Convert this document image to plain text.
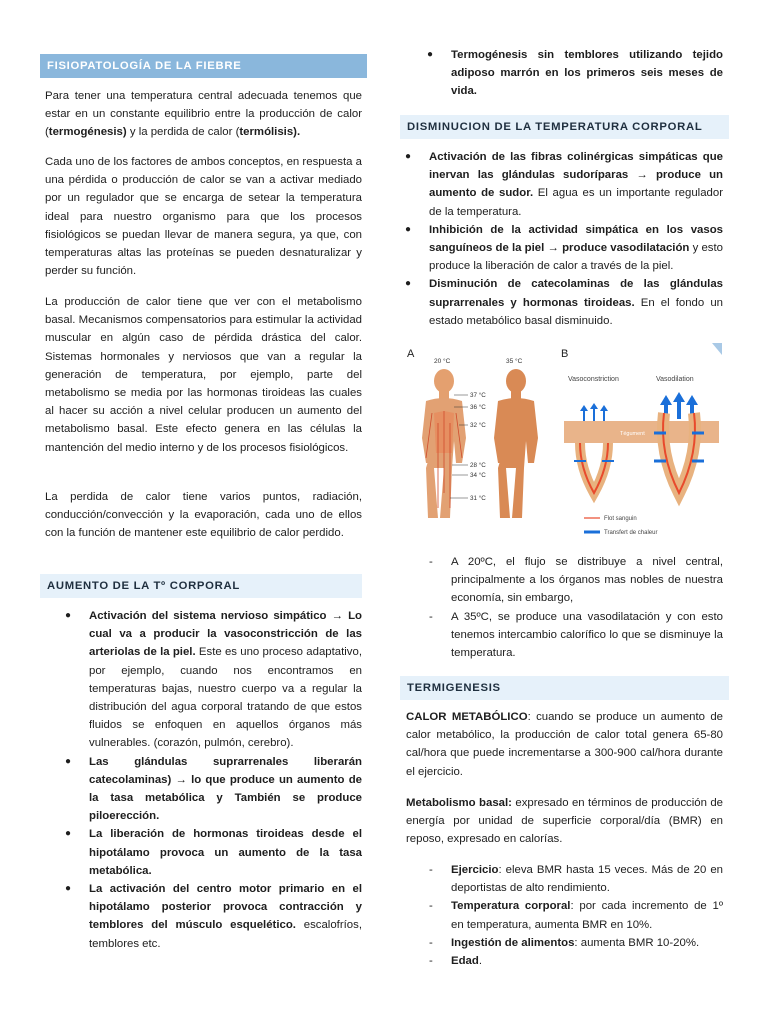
FISIOPATOLOGÍA DE LA FIEBRE

Para tener una temperatura central adecuada tenemos que estar en un constante equilibrio entre la producción de calor (termogénesis) y la perdida de calor (termólisis).

Cada uno de los factores de ambos conceptos, en respuesta a una pérdida o producción de calor se van a activar mediado por un regulador que se encarga de setear la temperatura ideal para nuestro organismo para que los procesos fisiológicos se puedan llevar de manera segura, ya que, con temperaturas altas las proteínas se pueden desnaturalizar y perder su función.

La producción de calor tiene que ver con el metabolismo basal. Mecanismos compensatorios para estimular la actividad muscular en algún caso de pérdida drástica del calor. Sistemas hormonales y nerviosos que van a regular la generación de temperatura, por ejemplo, parte del metabolismo se media por las hormonas tiroideas las cuales al hacer su acción a nivel celular producen un aumento del metabolismo basal. Este efecto genera en las células la mantención del medio interno y de los procesos fisiológicos.

La perdida de calor tiene varios puntos, radiación, conducción/convección y la evaporación, cada uno de ellos con la función de mantener este equilibrio de calor perdido.

AUMENTO DE LA Tº CORPORAL
● Activación del sistema nervioso simpático → Lo cual va a producir la vasoconstricción de las arteriolas de la piel. Este es uno proceso adaptativo, por ejemplo, cuando nos encontramos en temperaturas bajas, nuestro cuerpo va a regular la distribución del agua corporal tratando de que estos fluidos se enfoquen en aquellos órganos más vulnerables. (corazón, pulmón, cerebro).
● Las glándulas suprarrenales liberarán catecolaminas) → lo que produce un aumento de la tasa metabólica y También se produce piloerección.
● La liberación de hormonas tiroideas desde el hipotálamo provoca un aumento de la tasa metabólica.
● La activación del centro motor primario en el hipotálamo posterior provoca contracción y temblores del músculo esquelético. escalofríos, temblores etc.
● Termogénesis sin temblores utilizando tejido adiposo marrón en los primeros seis meses de vida.
DISMINUCION DE LA TEMPERATURA CORPORAL
● Activación de las fibras colinérgicas simpáticas que inervan las glándulas sudoríparas → produce un aumento de sudor. El agua es un importante regulador de la temperatura.
● Inhibición de la actividad simpática en los vasos sanguíneos de la piel → produce vasodilatación y esto produce la liberación de calor a través de la piel.
● Disminución de catecolaminas de las glándulas suprarrenales y hormonas tiroideas. En el fondo un estado metabólico basal disminuido.
A	B
20 °C
37 °C
36 °C
32 °C
28 °C
34 °C
31 °C
35 °C
Vasoconstriction	Vasodilation
Tégument
Flot sanguin
Transfert de chaleur
- A 20ºC, el flujo se distribuye a nivel central, principalmente a los órganos mas nobles de nuestra economía, sin embargo,
- A 35ºC, se produce una vasodilatación y con esto tenemos intercambio calorífico lo que se disminuye la temperatura.
TERMIGENESIS

CALOR METABÓLICO: cuando se produce un aumento de calor metabólico, la producción de calor total genera 65-80 cal/hora que puede incrementarse a 300-900 cal/hora durante el ejercicio.

Metabolismo basal: expresado en términos de producción de energía por unidad de superficie corporal/día (BMR) en reposo, expresado en calorías.

- Ejercicio: eleva BMR hasta 15 veces. Más de 20 en deportistas de alto rendimiento.
- Temperatura corporal: por cada incremento de 1º en temperatura, aumenta BMR en 10%.
- Ingestión de alimentos: aumenta BMR 10-20%.
- Edad.
